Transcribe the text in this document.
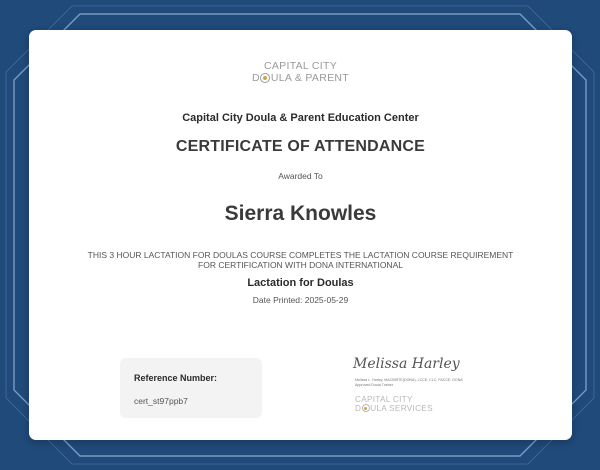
CAPITAL CITY
D ULA & PARENT
Capital City Doula & Parent Education Center
CERTIFICATE OF ATTENDANCE
Awarded To
Sierra Knowles
THIS 3 HOUR LACTATION FOR DOULAS COURSE COMPLETES THE LACTATION COURSE REQUIREMENT FOR CERTIFICATION WITH DONA INTERNATIONAL
Lactation for Doulas
Date Printed: 2025-05-29
Reference Number:
cert_st97ppb7
Melissa Harley
Melissa L. Harley, MACBIRTE(DONA), LCCE, CLC, FACCE, DONA Approved Doula Trainer
CAPITAL CITY
D ULA SERVICES
